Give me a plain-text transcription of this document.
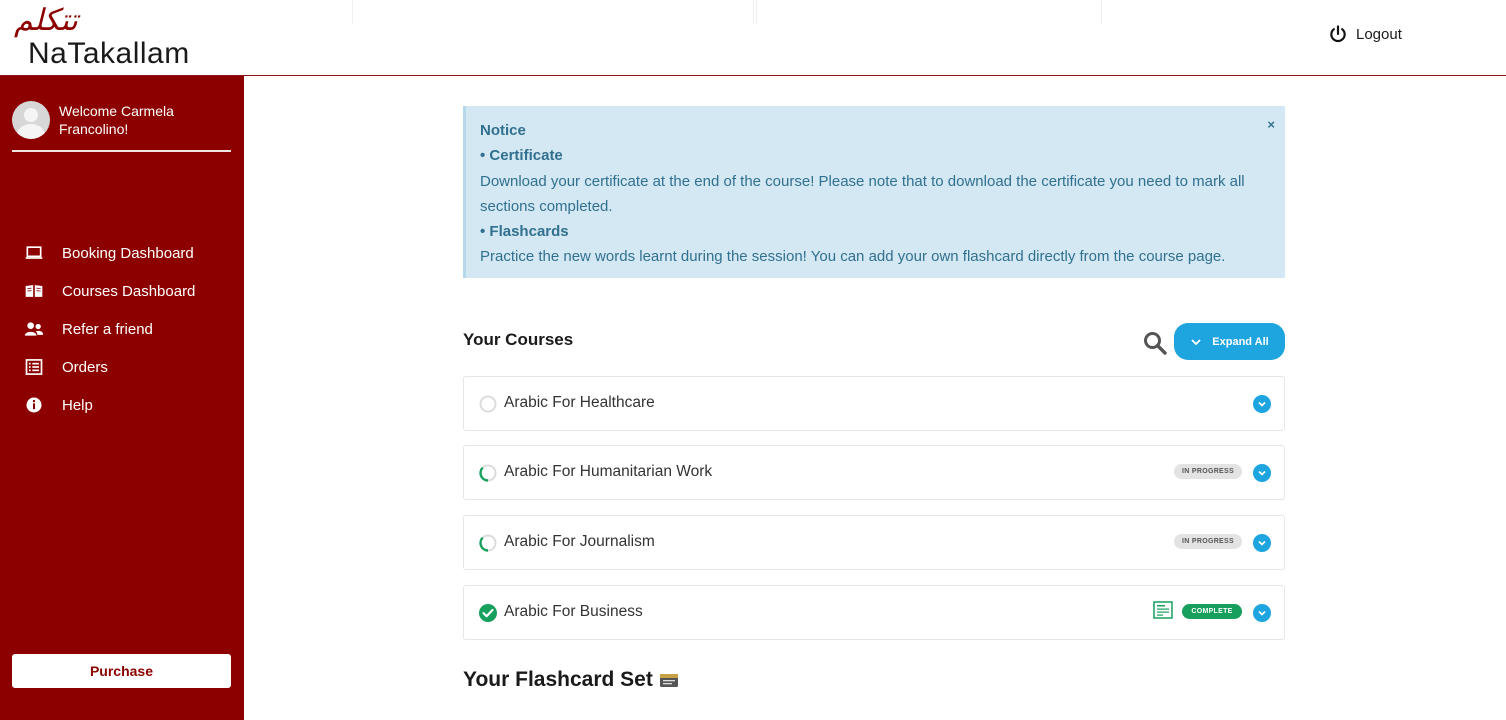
تتكلم
NaTakallam
Logout
Welcome Carmela Francolino!
Booking Dashboard
Courses Dashboard
Refer a friend
Orders
Help
Purchase
Notice
• Certificate
Download your certificate at the end of the course! Please note that to download the certificate you need to mark all sections completed.
• Flashcards
Practice the new words learnt during the session! You can add your own flashcard directly from the course page.
×
Your Courses	Expand All
Arabic For Healthcare
Arabic For Humanitarian Work	IN PROGRESS
Arabic For Journalism	IN PROGRESS
Arabic For Business	COMPLETE
Your Flashcard Set
